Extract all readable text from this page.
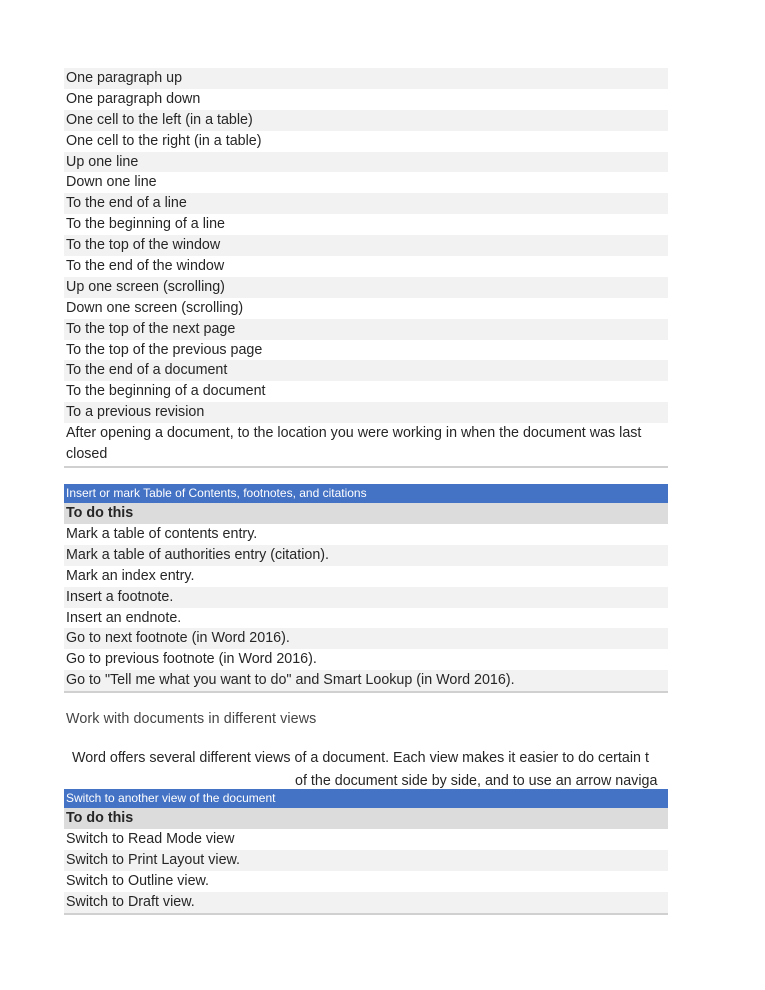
One paragraph up
One paragraph down
One cell to the left (in a table)
One cell to the right (in a table)
Up one line
Down one line
To the end of a line
To the beginning of a line
To the top of the window
To the end of the window
Up one screen (scrolling)
Down one screen (scrolling)
To the top of the next page
To the top of the previous page
To the end of a document
To the beginning of a document
To a previous revision
After opening a document, to the location you were working in when the document was last closed
Insert or mark Table of Contents, footnotes, and citations
To do this
Mark a table of contents entry.
Mark a table of authorities entry (citation).
Mark an index entry.
Insert a footnote.
Insert an endnote.
Go to next footnote (in Word 2016).
Go to previous footnote (in Word 2016).
Go to "Tell me what you want to do" and Smart Lookup (in Word 2016).
Work with documents in different views
Word offers several different views of a document. Each view makes it easier to do certain t
of the document side by side, and to use an arrow naviga
Switch to another view of the document
To do this
Switch to Read Mode view
Switch to Print Layout view.
Switch to Outline view.
Switch to Draft view.
